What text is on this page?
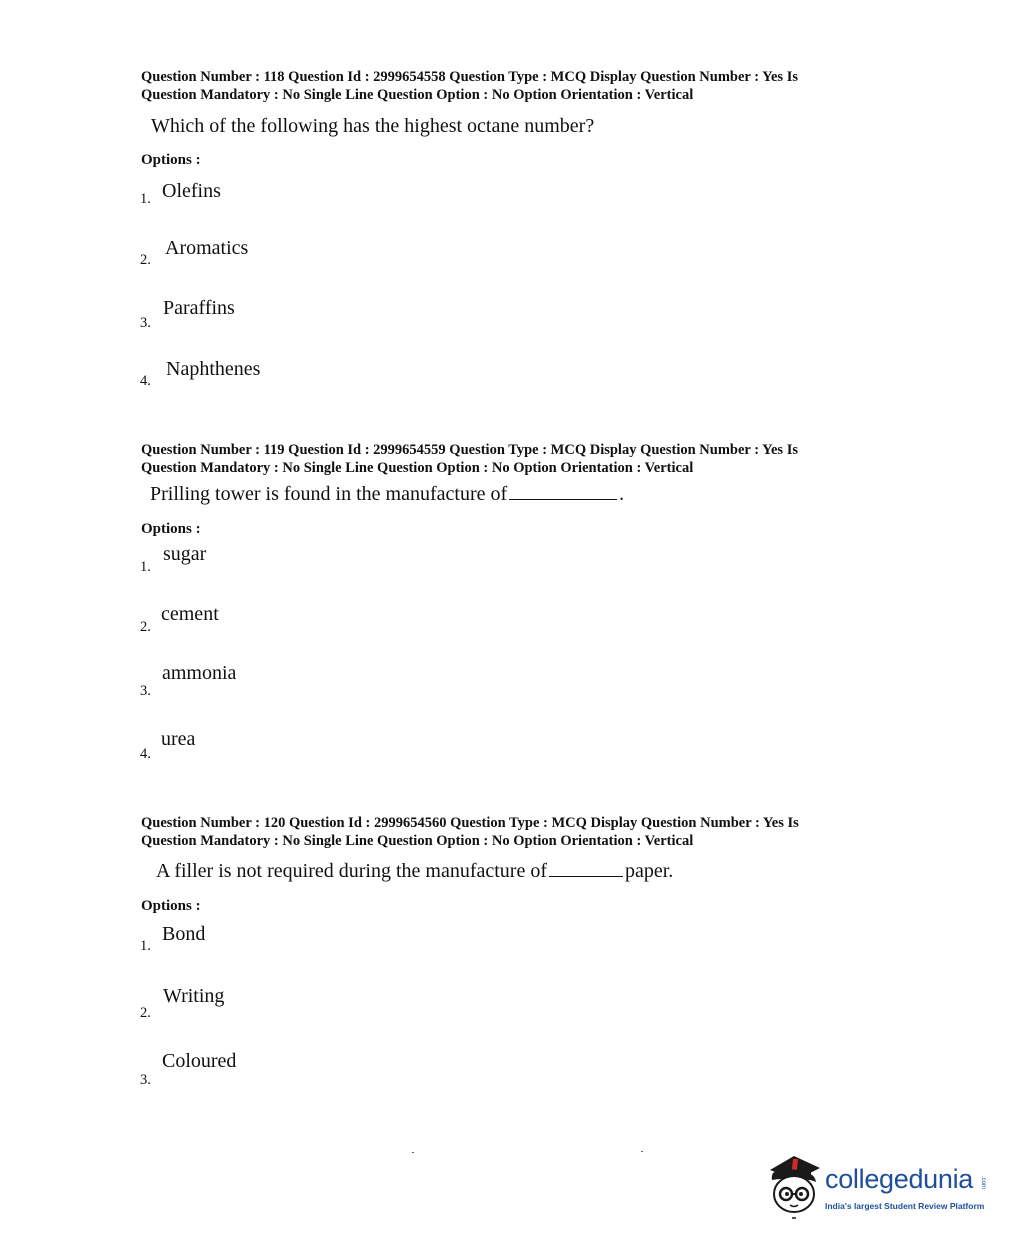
Question Number : 118 Question Id : 2999654558 Question Type : MCQ Display Question Number : Yes Is
Question Mandatory : No Single Line Question Option : No Option Orientation : Vertical
Which of the following has the highest octane number?
Options :
1. Olefins
2.
Aromatics
3.
Paraffins
4.
Naphthenes
Question Number : 119 Question Id : 2999654559 Question Type : MCQ Display Question Number : Yes Is
Question Mandatory : No Single Line Question Option : No Option Orientation : Vertical
Prilling tower is found in the manufacture of	.
Options :
1.
sugar
2.
cement
3.
ammonia
4.
urea
Question Number : 120 Question Id : 2999654560 Question Type : MCQ Display Question Number : Yes Is
Question Mandatory : No Single Line Question Option : No Option Orientation : Vertical
A filler is not required during the manufacture of	paper.
Options :
1.
Bond
2.
Writing
3.
Coloured
collegedunia .com
India's largest Student Review Platform
